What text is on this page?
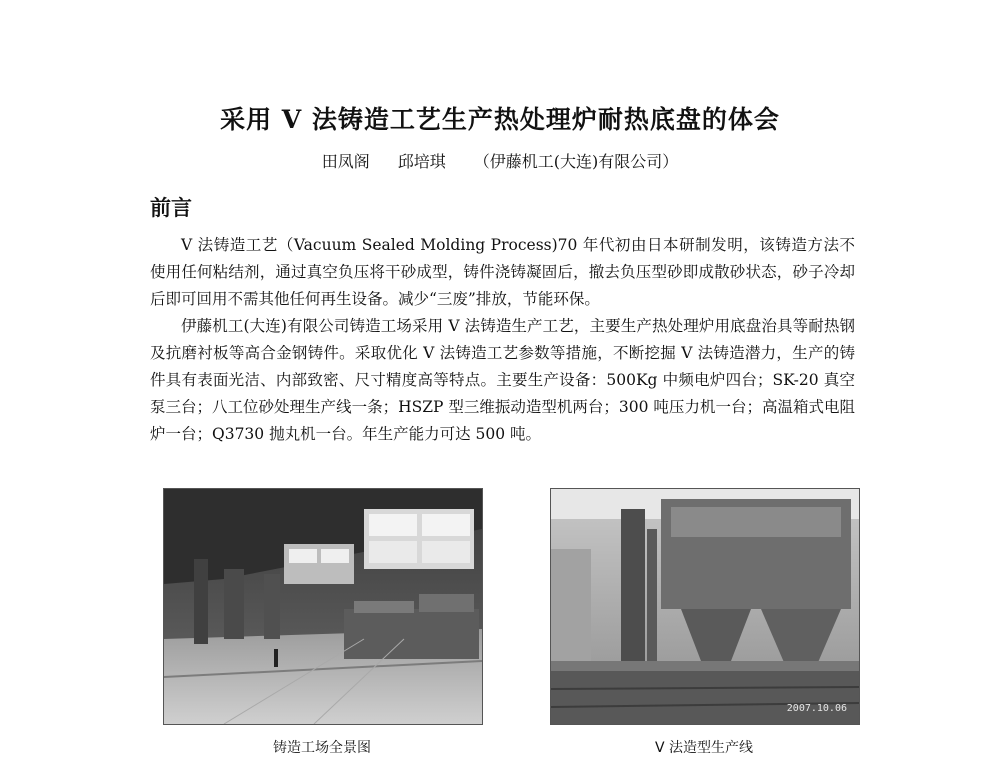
采用 V 法铸造工艺生产热处理炉耐热底盘的体会
田凤阁 邱培琪 （伊藤机工(大连)有限公司）
前言

V 法铸造工艺（Vacuum Sealed Molding Process)70 年代初由日本研制发明，该铸造方法不使用任何粘结剂，通过真空负压将干砂成型，铸件浇铸凝固后，撤去负压型砂即成散砂状态，砂子冷却后即可回用不需其他任何再生设备。减少“三废”排放，节能环保。

伊藤机工(大连)有限公司铸造工场采用 V 法铸造生产工艺，主要生产热处理炉用底盘治具等耐热钢及抗磨衬板等高合金钢铸件。采取优化 V 法铸造工艺参数等措施，不断挖掘 V 法铸造潜力，生产的铸件具有表面光洁、内部致密、尺寸精度高等特点。主要生产设备：500Kg 中频电炉四台；SK-20 真空泵三台；八工位砂处理生产线一条；HSZP 型三维振动造型机两台；300 吨压力机一台；高温箱式电阻炉一台；Q3730 抛丸机一台。年生产能力可达 500 吨。

2007.10.06
铸造工场全景图	V 法造型生产线
